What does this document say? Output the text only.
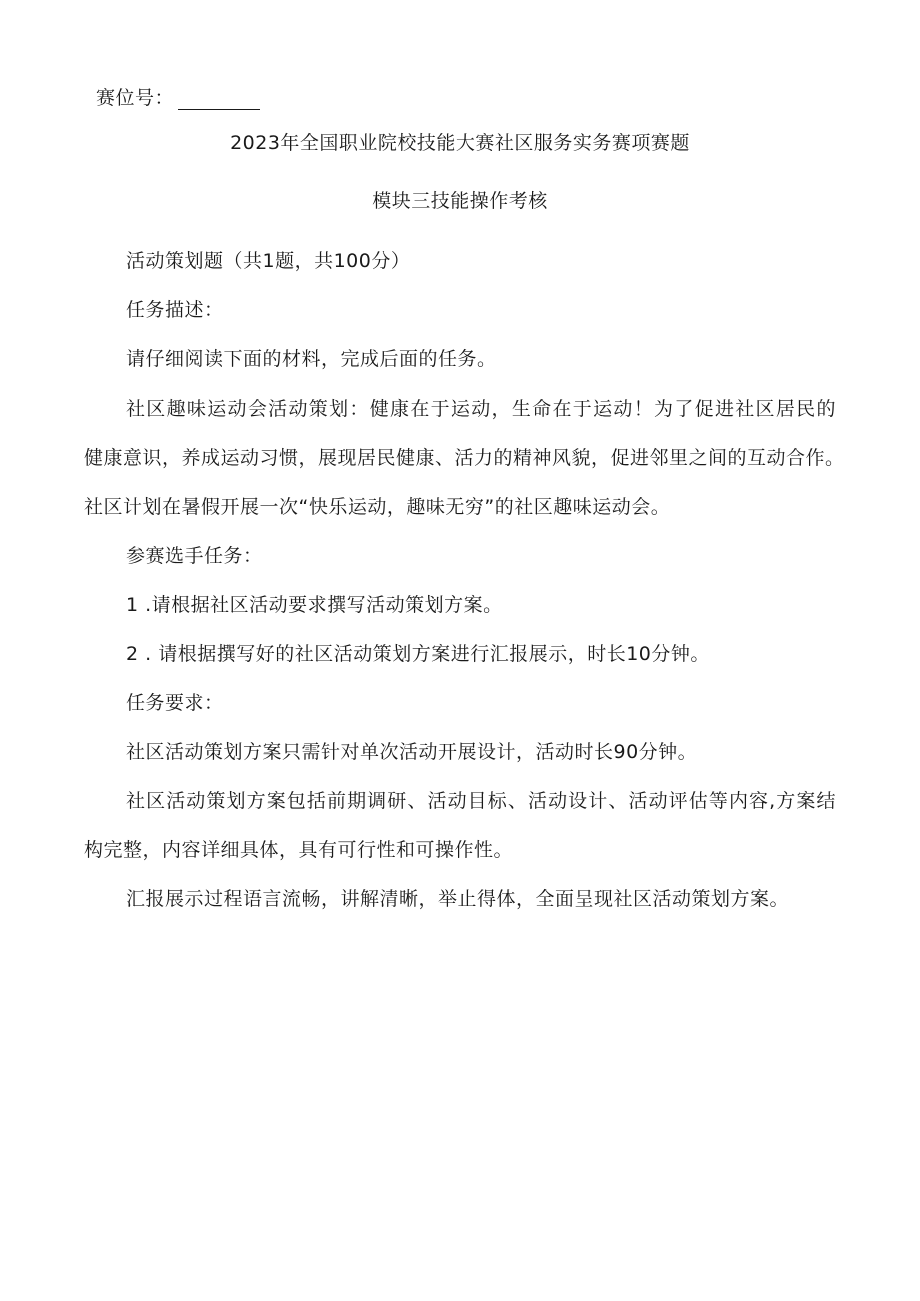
赛位号：
2023年全国职业院校技能大赛社区服务实务赛项赛题
模块三技能操作考核
活动策划题（共1题，共100分）
任务描述：
请仔细阅读下面的材料，完成后面的任务。
社区趣味运动会活动策划：健康在于运动，生命在于运动！为了促进社区居民的
健康意识，养成运动习惯，展现居民健康、活力的精神风貌，促进邻里之间的互动合作。
社区计划在暑假开展一次“快乐运动，趣味无穷”的社区趣味运动会。
参赛选手任务：
1 .请根据社区活动要求撰写活动策划方案。
2 . 请根据撰写好的社区活动策划方案进行汇报展示，时长10分钟。
任务要求：
社区活动策划方案只需针对单次活动开展设计，活动时长90分钟。
社区活动策划方案包括前期调研、活动目标、活动设计、活动评估等内容,方案结
构完整，内容详细具体，具有可行性和可操作性。
汇报展示过程语言流畅，讲解清晰，举止得体，全面呈现社区活动策划方案。
